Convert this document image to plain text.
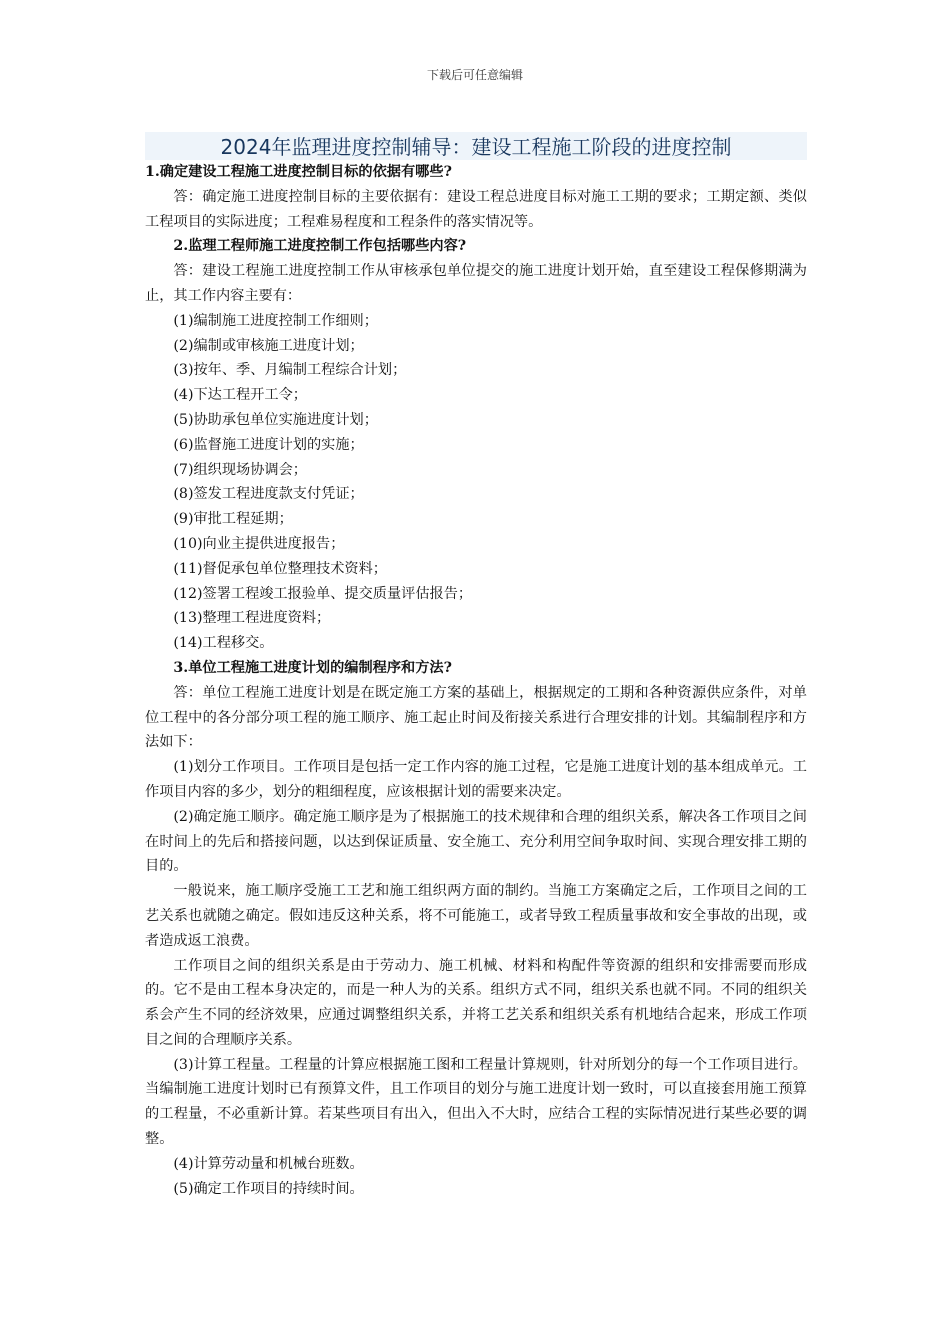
下载后可任意编辑
2024年监理进度控制辅导：建设工程施工阶段的进度控制

1.确定建设工程施工进度控制目标的依据有哪些?

答：确定施工进度控制目标的主要依据有：建设工程总进度目标对施工工期的要求；工期定额、类似工程项目的实际进度；工程难易程度和工程条件的落实情况等。

2.监理工程师施工进度控制工作包括哪些内容?

答：建设工程施工进度控制工作从审核承包单位提交的施工进度计划开始，直至建设工程保修期满为止，其工作内容主要有：

(1)编制施工进度控制工作细则；

(2)编制或审核施工进度计划；

(3)按年、季、月编制工程综合计划；

(4)下达工程开工令；

(5)协助承包单位实施进度计划；

(6)监督施工进度计划的实施；

(7)组织现场协调会；

(8)签发工程进度款支付凭证；

(9)审批工程延期；

(10)向业主提供进度报告；

(11)督促承包单位整理技术资料；

(12)签署工程竣工报验单、提交质量评估报告；

(13)整理工程进度资料；

(14)工程移交。

3.单位工程施工进度计划的编制程序和方法?

答：单位工程施工进度计划是在既定施工方案的基础上，根据规定的工期和各种资源供应条件，对单位工程中的各分部分项工程的施工顺序、施工起止时间及衔接关系进行合理安排的计划。其编制程序和方法如下：

(1)划分工作项目。工作项目是包括一定工作内容的施工过程，它是施工进度计划的基本组成单元。工作项目内容的多少，划分的粗细程度，应该根据计划的需要来决定。

(2)确定施工顺序。确定施工顺序是为了根据施工的技术规律和合理的组织关系，解决各工作项目之间在时间上的先后和搭接问题，以达到保证质量、安全施工、充分利用空间争取时间、实现合理安排工期的目的。

一般说来，施工顺序受施工工艺和施工组织两方面的制约。当施工方案确定之后，工作项目之间的工艺关系也就随之确定。假如违反这种关系，将不可能施工，或者导致工程质量事故和安全事故的出现，或者造成返工浪费。

工作项目之间的组织关系是由于劳动力、施工机械、材料和构配件等资源的组织和安排需要而形成的。它不是由工程本身决定的，而是一种人为的关系。组织方式不同，组织关系也就不同。不同的组织关系会产生不同的经济效果，应通过调整组织关系，并将工艺关系和组织关系有机地结合起来，形成工作项目之间的合理顺序关系。

(3)计算工程量。工程量的计算应根据施工图和工程量计算规则，针对所划分的每一个工作项目进行。当编制施工进度计划时已有预算文件，且工作项目的划分与施工进度计划一致时，可以直接套用施工预算的工程量，不必重新计算。若某些项目有出入，但出入不大时，应结合工程的实际情况进行某些必要的调整。

(4)计算劳动量和机械台班数。

(5)确定工作项目的持续时间。
